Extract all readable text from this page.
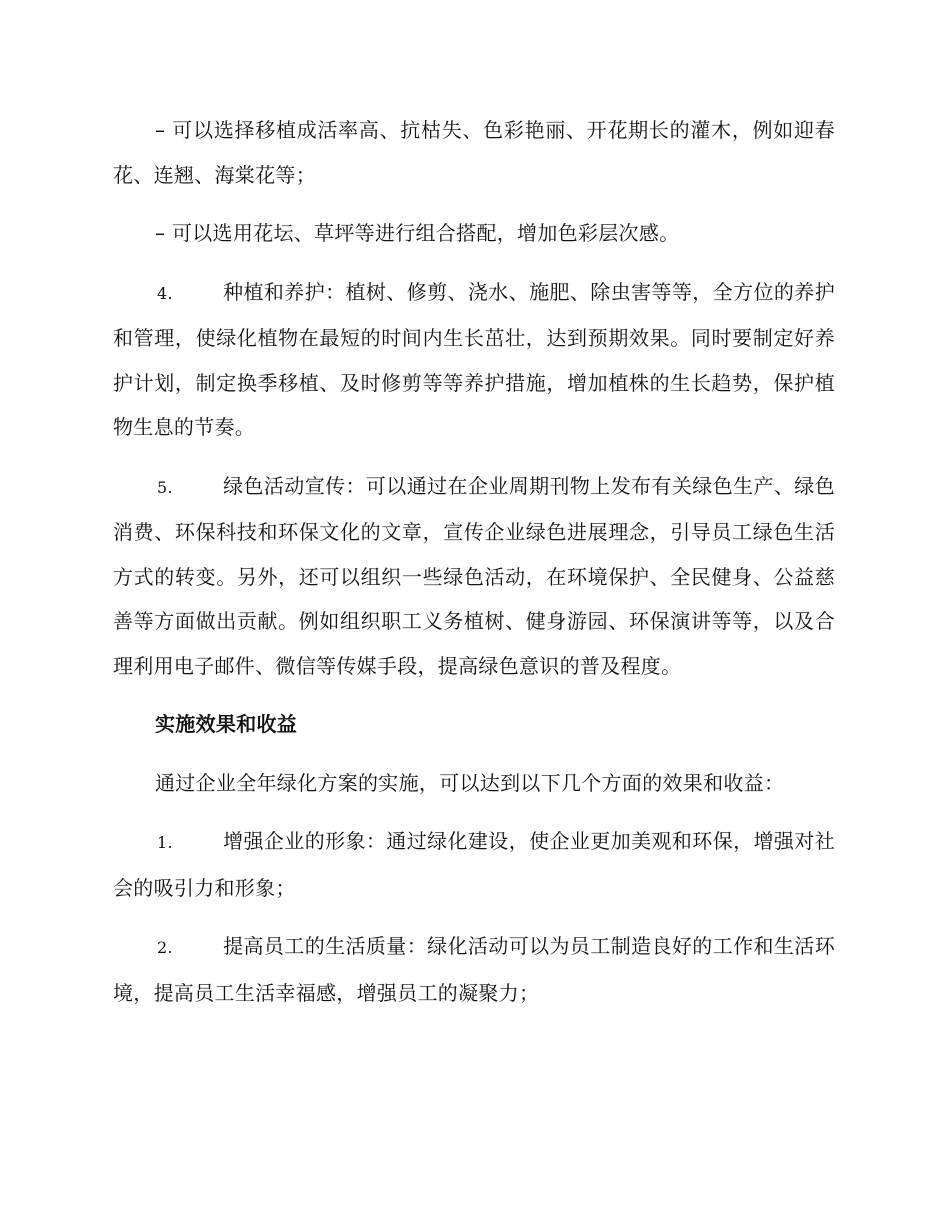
– 可以选择移植成活率高、抗枯失、色彩艳丽、开花期长的灌木，例如迎春花、连翘、海棠花等；

– 可以选用花坛、草坪等进行组合搭配，增加色彩层次感。

4.	种植和养护：植树、修剪、浇水、施肥、除虫害等等，全方位的养护和管理，使绿化植物在最短的时间内生长茁壮，达到预期效果。同时要制定好养护计划，制定换季移植、及时修剪等等养护措施，增加植株的生长趋势，保护植物生息的节奏。

5.	绿色活动宣传：可以通过在企业周期刊物上发布有关绿色生产、绿色消费、环保科技和环保文化的文章，宣传企业绿色进展理念，引导员工绿色生活方式的转变。另外，还可以组织一些绿色活动，在环境保护、全民健身、公益慈善等方面做出贡献。例如组织职工义务植树、健身游园、环保演讲等等，以及合理利用电子邮件、微信等传媒手段，提高绿色意识的普及程度。

实施效果和收益

通过企业全年绿化方案的实施，可以达到以下几个方面的效果和收益：

1.	增强企业的形象：通过绿化建设，使企业更加美观和环保，增强对社会的吸引力和形象；

2.	提高员工的生活质量：绿化活动可以为员工制造良好的工作和生活环境，提高员工生活幸福感，增强员工的凝聚力；
